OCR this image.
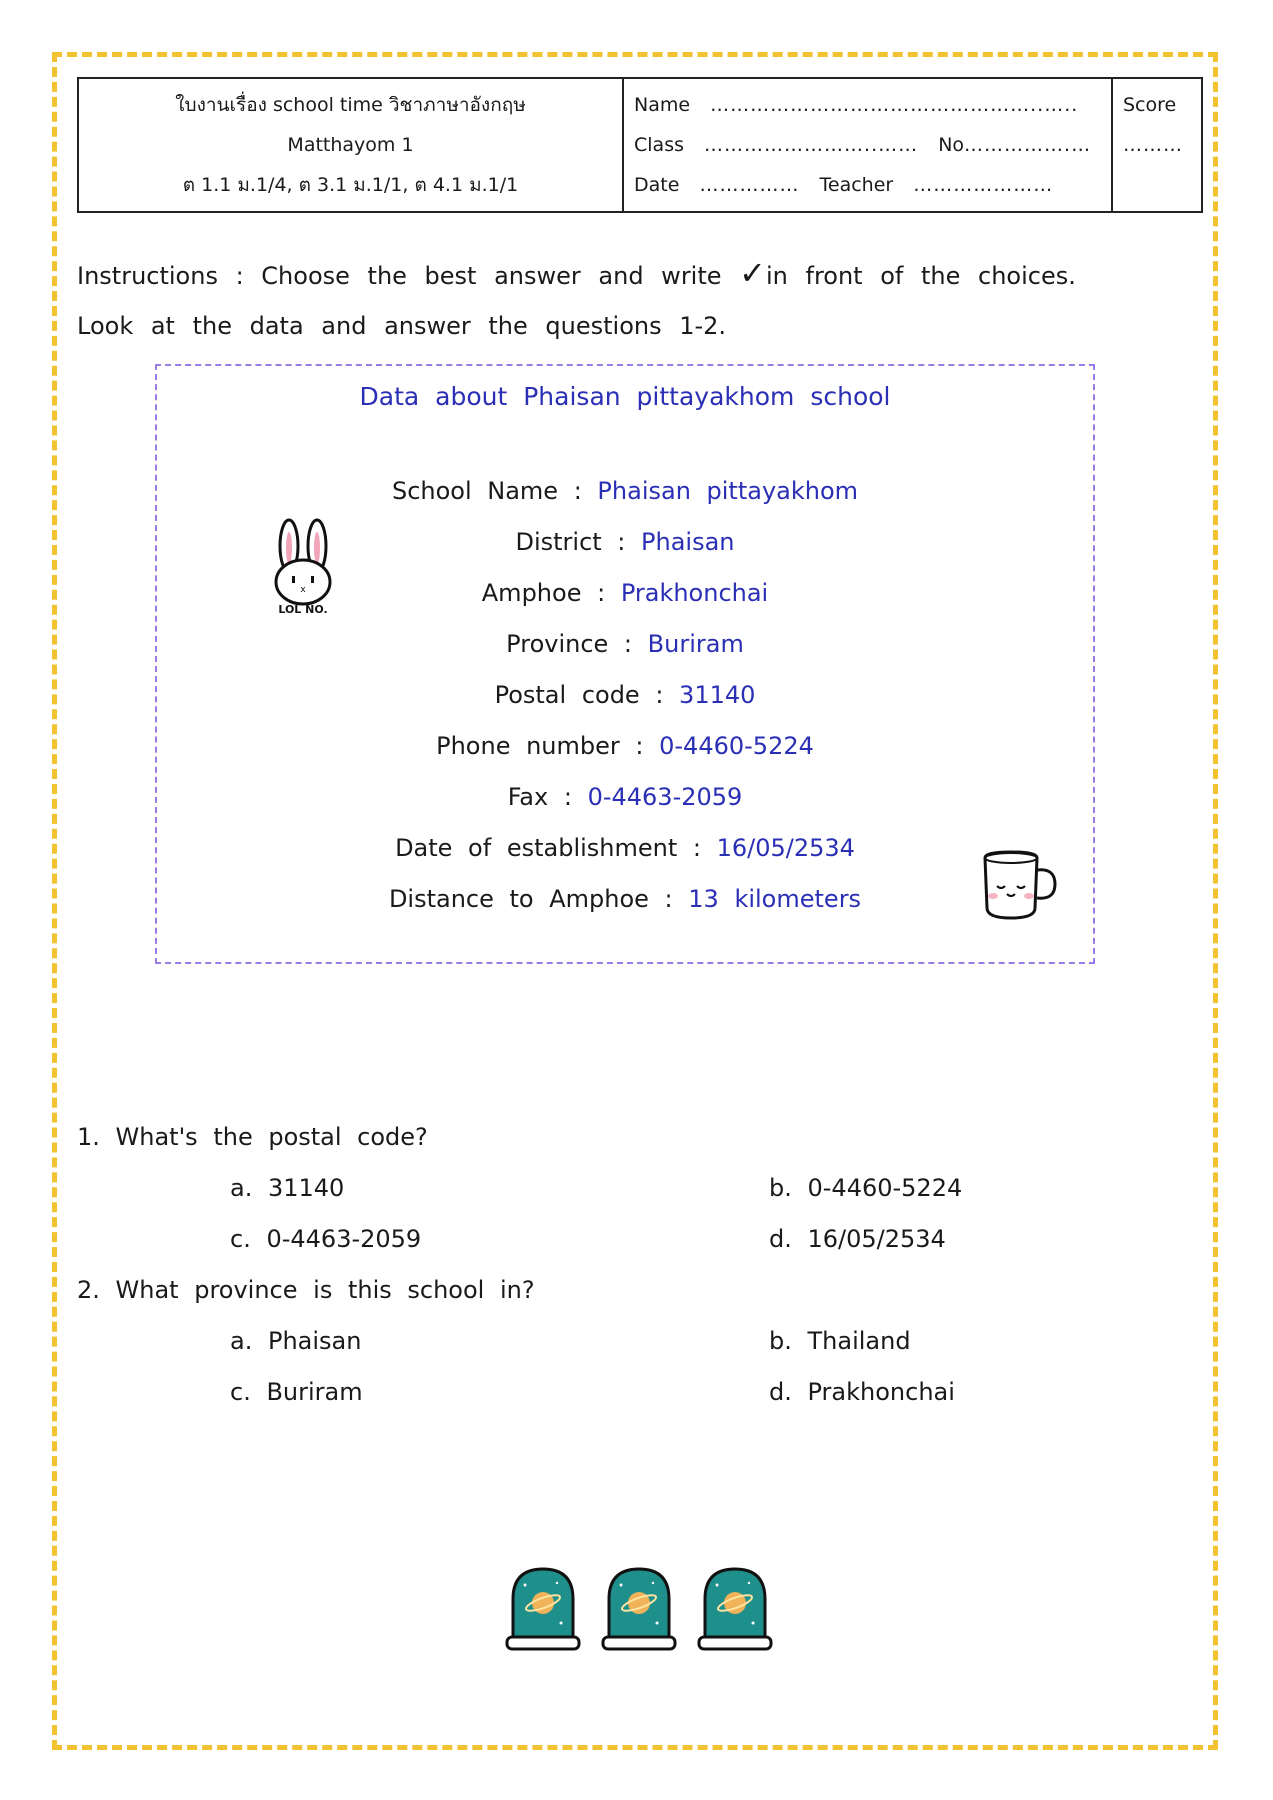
ใบงานเรื่อง school time วิชาภาษาอังกฤษ
Matthayom 1
ต 1.1 ม.1/4, ต 3.1 ม.1/1, ต 4.1 ม.1/1

Name …………………………………………..…..
Class ……………………..…… No…………….…
Date …………… Teacher …………………

Score
………
Instructions : Choose the best answer and write ✓in front of the choices.
Look at the data and answer the questions 1-2.
Data about Phaisan pittayakhom school
x
LOL NO.
School Name : Phaisan pittayakhom
District : Phaisan
Amphoe : Prakhonchai
Province : Buriram
Postal code : 31140
Phone number : 0-4460-5224
Fax : 0-4463-2059
Date of establishment : 16/05/2534
Distance to Amphoe : 13 kilometers
1. What's the postal code?
a. 31140	b. 0-4460-5224
c. 0-4463-2059	d. 16/05/2534
2. What province is this school in?
a. Phaisan	b. Thailand
c. Buriram	d. Prakhonchai
